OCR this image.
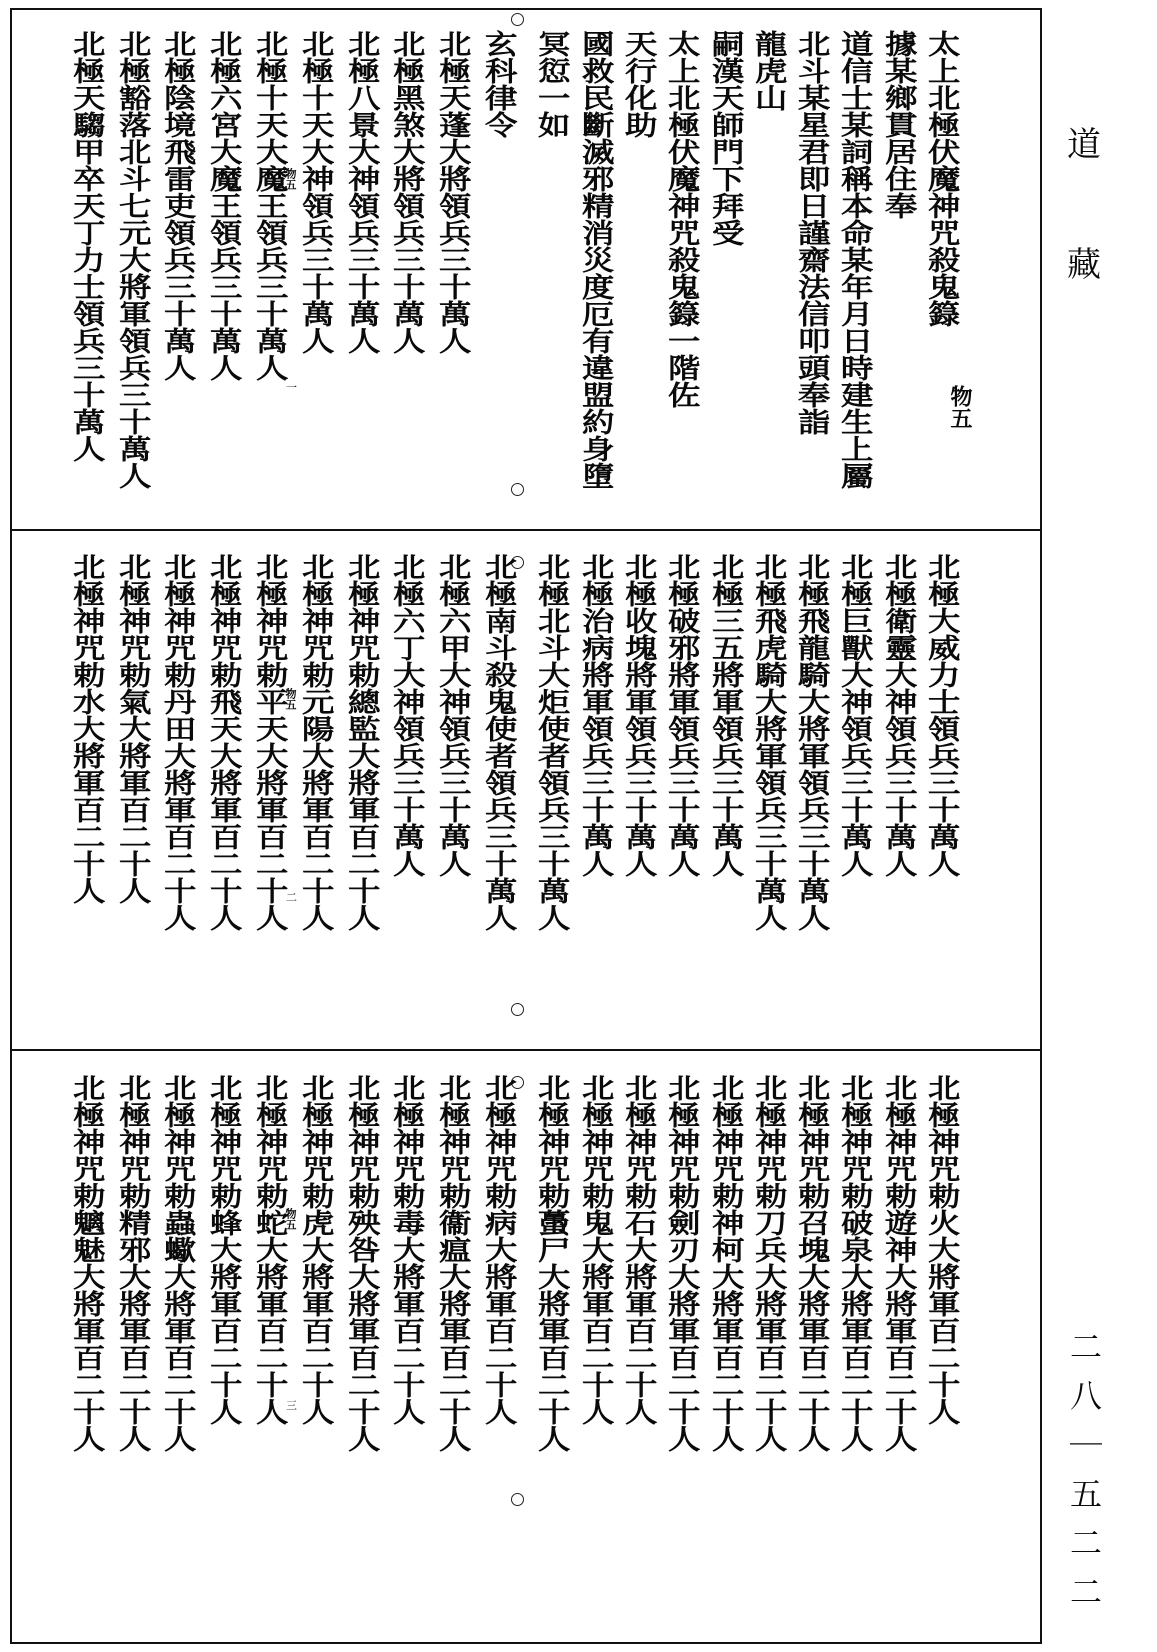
物五
物五
物五
物五
一
二
三
道
藏
二八｜五二二
太上北極伏魔神咒殺鬼籙
據某鄉貫居住奉
道信士某詞稱本命某年月日時建生上屬
北斗某星君即日謹齋法信叩頭奉詣
龍虎山
嗣漢天師門下拜受
太上北極伏魔神咒殺鬼籙一階佐
天行化助
國救民斷滅邪精消災度厄有違盟約身墮
冥愆一如
玄科律令
北極天蓬大將領兵三十萬人
北極黑煞大將領兵三十萬人
北極八景大神領兵三十萬人
北極十天大神領兵三十萬人
北極十天大魔王領兵三十萬人
北極六宮大魔王領兵三十萬人
北極陰境飛雷吏領兵三十萬人
北極豁落北斗七元大將軍領兵三十萬人
北極天騶甲卒天丁力士領兵三十萬人
北極大威力士領兵三十萬人
北極衛靈大神領兵三十萬人
北極巨獸大神領兵三十萬人
北極飛龍騎大將軍領兵三十萬人
北極飛虎騎大將軍領兵三十萬人
北極三五將軍領兵三十萬人
北極破邪將軍領兵三十萬人
北極收塊將軍領兵三十萬人
北極治病將軍領兵三十萬人
北極北斗大炬使者領兵三十萬人
北極南斗殺鬼使者領兵三十萬人
北極六甲大神領兵三十萬人
北極六丁大神領兵三十萬人
北極神咒勅總監大將軍百二十人
北極神咒勅元陽大將軍百二十人
北極神咒勅平天大將軍百二十人
北極神咒勅飛天大將軍百二十人
北極神咒勅丹田大將軍百二十人
北極神咒勅氣大將軍百二十人
北極神咒勅水大將軍百二十人
北極神咒勅火大將軍百二十人
北極神咒勅遊神大將軍百二十人
北極神咒勅破泉大將軍百二十人
北極神咒勅召塊大將軍百二十人
北極神咒勅刀兵大將軍百二十人
北極神咒勅神柯大將軍百二十人
北極神咒勅劍刃大將軍百二十人
北極神咒勅石大將軍百二十人
北極神咒勅鬼大將軍百二十人
北極神咒勅蠆尸大將軍百二十人
北極神咒勅病大將軍百二十人
北極神咒勅衞瘟大將軍百二十人
北極神咒勅毒大將軍百二十人
北極神咒勅殃咎大將軍百二十人
北極神咒勅虎大將軍百二十人
北極神咒勅蛇大將軍百二十人
北極神咒勅蜂大將軍百二十人
北極神咒勅蟲蠍大將軍百二十人
北極神咒勅精邪大將軍百二十人
北極神咒勅魑魅大將軍百二十人
